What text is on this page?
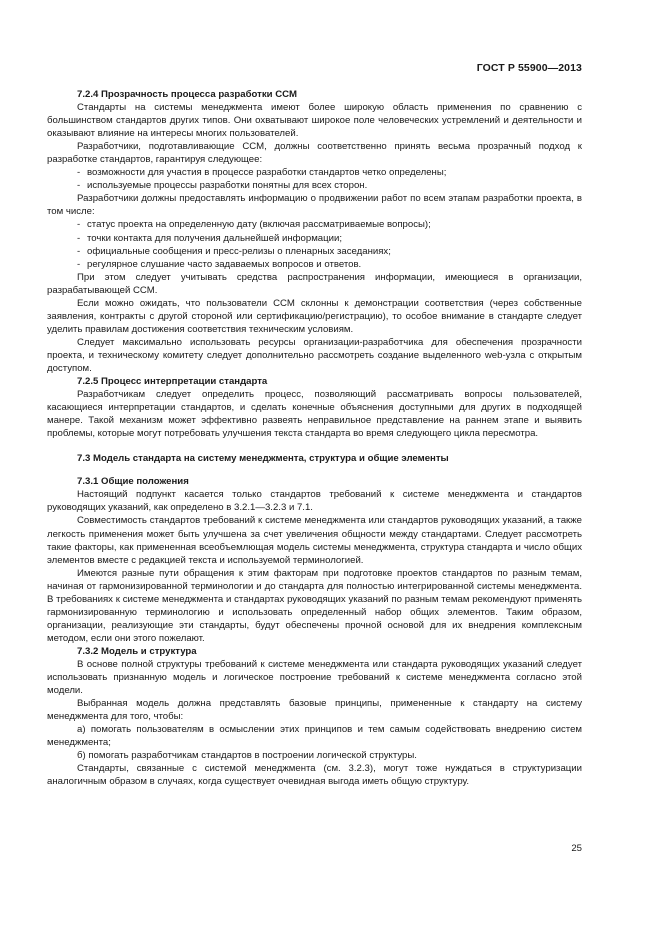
ГОСТ Р 55900—2013
7.2.4 Прозрачность процесса разработки ССМ

Стандарты на системы менеджмента имеют более широкую область применения по сравнению с большинством стандартов других типов. Они охватывают широкое поле человеческих устремлений и деятельности и оказывают влияние на интересы многих пользователей.

Разработчики, подготавливающие ССМ, должны соответственно принять весьма прозрачный подход к разработке стандартов, гарантируя следующее:

- возможности для участия в процессе разработки стандартов четко определены;
- используемые процессы разработки понятны для всех сторон.

Разработчики должны предоставлять информацию о продвижении работ по всем этапам разработки проекта, в том числе:

- статус проекта на определенную дату (включая рассматриваемые вопросы);
- точки контакта для получения дальнейшей информации;
- официальные сообщения и пресс-релизы о пленарных заседаниях;
- регулярное слушание часто задаваемых вопросов и ответов.

При этом следует учитывать средства распространения информации, имеющиеся в организации, разрабатывающей ССМ.

Если можно ожидать, что пользователи ССМ склонны к демонстрации соответствия (через собственные заявления, контракты с другой стороной или сертификацию/регистрацию), то особое внимание в стандарте следует уделить правилам достижения соответствия техническим условиям.

Следует максимально использовать ресурсы организации-разработчика для обеспечения прозрачности проекта, и техническому комитету следует дополнительно рассмотреть создание выделенного web-узла с открытым доступом.

7.2.5 Процесс интерпретации стандарта

Разработчикам следует определить процесс, позволяющий рассматривать вопросы пользователей, касающиеся интерпретации стандартов, и сделать конечные объяснения доступными для других в подходящей манере. Такой механизм может эффективно развеять неправильное представление на раннем этапе и выявить проблемы, которые могут потребовать улучшения текста стандарта во время следующего цикла пересмотра.

7.3 Модель стандарта на систему менеджмента, структура и общие элементы
7.3.1 Общие положения

Настоящий подпункт касается только стандартов требований к системе менеджмента и стандартов руководящих указаний, как определено в 3.2.1—3.2.3 и 7.1.

Совместимость стандартов требований к системе менеджмента или стандартов руководящих указаний, а также легкость применения может быть улучшена за счет увеличения общности между стандартами. Следует рассмотреть такие факторы, как примененная всеобъемлющая модель системы менеджмента, структура стандарта и число общих элементов вместе с редакцией текста и используемой терминологией.

Имеются разные пути обращения к этим факторам при подготовке проектов стандартов по разным темам, начиная от гармонизированной терминологии и до стандарта для полностью интегрированной системы менеджмента. В требованиях к системе менеджмента и стандартах руководящих указаний по разным темам рекомендуют применять гармонизированную терминологию и использовать определенный набор общих элементов. Таким образом, организации, реализующие эти стандарты, будут обеспечены прочной основой для их внедрения комплексным методом, если они этого пожелают.

7.3.2 Модель и структура

В основе полной структуры требований к системе менеджмента или стандарта руководящих указаний следует использовать признанную модель и логическое построение требований к системе менеджмента согласно этой модели.

Выбранная модель должна представлять базовые принципы, примененные к стандарту на систему менеджмента для того, чтобы:

а) помогать пользователям в осмыслении этих принципов и тем самым содействовать внедрению систем менеджмента;

б) помогать разработчикам стандартов в построении логической структуры.

Стандарты, связанные с системой менеджмента (см. 3.2.3), могут тоже нуждаться в структуризации аналогичным образом в случаях, когда существует очевидная выгода иметь общую структуру.

25
